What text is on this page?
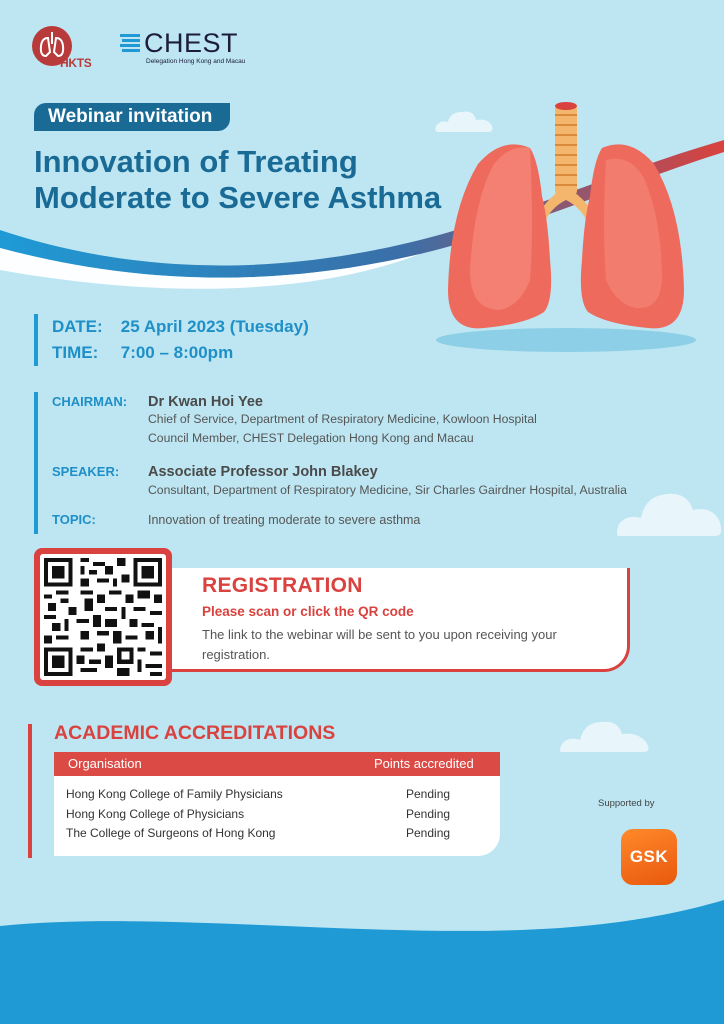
HKTS
CHEST
Delegation Hong Kong and Macau
Webinar invitation
Innovation of Treating
Moderate to Severe Asthma
DATE: 25 April 2023 (Tuesday)
TIME: 7:00 – 8:00pm
CHAIRMAN: Dr Kwan Hoi Yee
Chief of Service, Department of Respiratory Medicine, Kowloon Hospital
Council Member, CHEST Delegation Hong Kong and Macau
SPEAKER: Associate Professor John Blakey
Consultant, Department of Respiratory Medicine, Sir Charles Gairdner Hospital, Australia
TOPIC:	Innovation of treating moderate to severe asthma
REGISTRATION
Please scan or click the QR code
The link to the webinar will be sent to you upon receiving your registration.
ACADEMIC ACCREDITATIONS
Organisation	Points accredited
Hong Kong College of Family Physicians	Pending
Hong Kong College of Physicians	Pending
The College of Surgeons of Hong Kong	Pending
Supported by
GSK
